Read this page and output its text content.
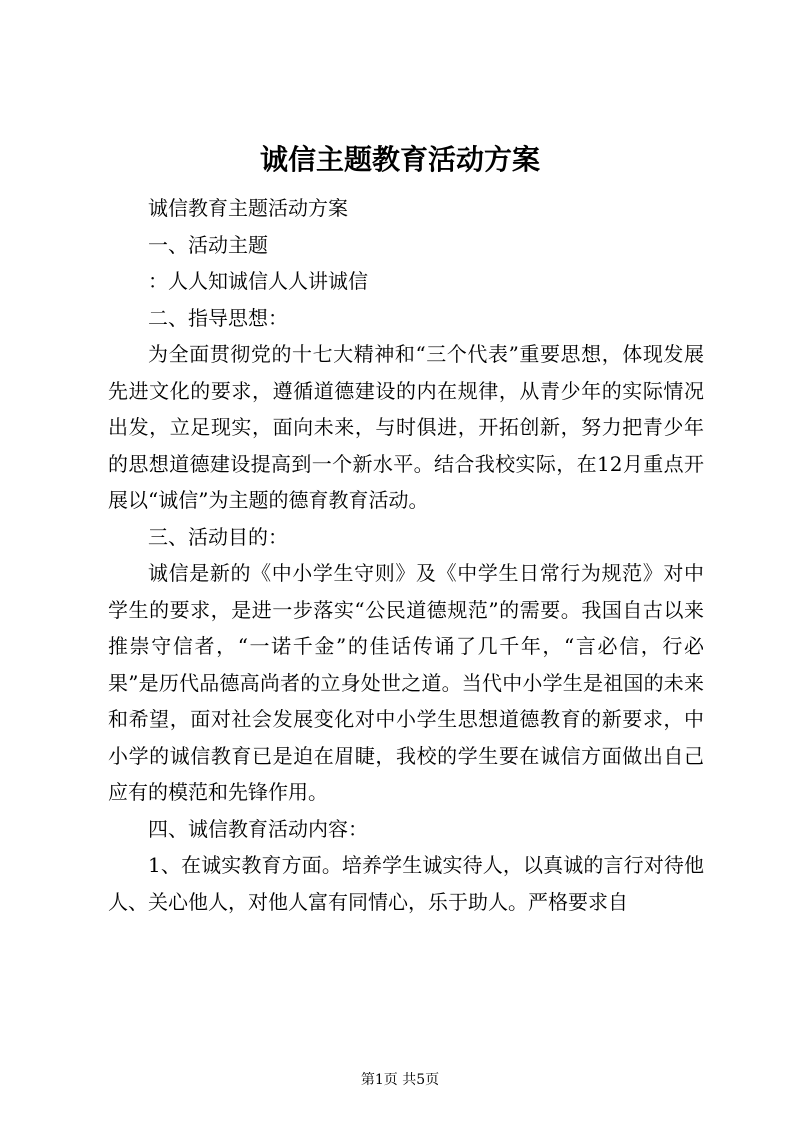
诚信主题教育活动方案

诚信教育主题活动方案

一、活动主题

：人人知诚信人人讲诚信

二、指导思想：

为全面贯彻党的十七大精神和“三个代表”重要思想，体现发展先进文化的要求，遵循道德建设的内在规律，从青少年的实际情况出发，立足现实，面向未来，与时俱进，开拓创新，努力把青少年的思想道德建设提高到一个新水平。结合我校实际，在12月重点开展以“诚信”为主题的德育教育活动。

三、活动目的：

诚信是新的《中小学生守则》及《中学生日常行为规范》对中学生的要求，是进一步落实“公民道德规范”的需要。我国自古以来推崇守信者，“一诺千金”的佳话传诵了几千年，“言必信，行必果”是历代品德高尚者的立身处世之道。当代中小学生是祖国的未来和希望，面对社会发展变化对中小学生思想道德教育的新要求，中小学的诚信教育已是迫在眉睫，我校的学生要在诚信方面做出自己应有的模范和先锋作用。

四、诚信教育活动内容：

1、在诚实教育方面。培养学生诚实待人，以真诚的言行对待他人、关心他人，对他人富有同情心，乐于助人。严格要求自

第1页 共5页
